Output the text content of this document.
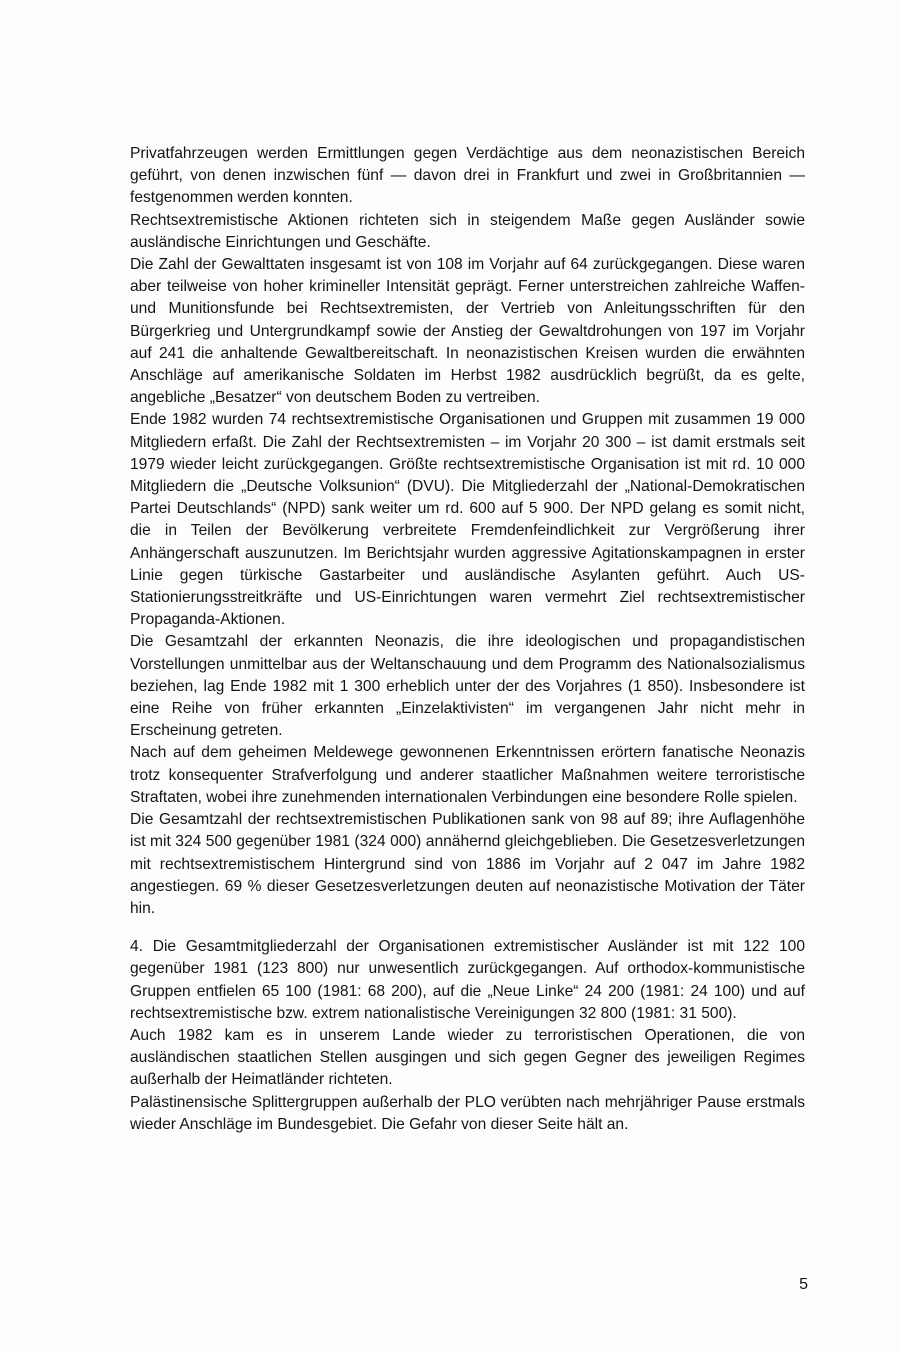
Privatfahrzeugen werden Ermittlungen gegen Verdächtige aus dem neonazistischen Bereich geführt, von denen inzwischen fünf — davon drei in Frankfurt und zwei in Großbritannien — festgenommen werden konnten.

Rechtsextremistische Aktionen richteten sich in steigendem Maße gegen Ausländer sowie ausländische Einrichtungen und Geschäfte.

Die Zahl der Gewalttaten insgesamt ist von 108 im Vorjahr auf 64 zurückgegangen. Diese waren aber teilweise von hoher krimineller Intensität geprägt. Ferner unterstreichen zahlreiche Waffen- und Munitionsfunde bei Rechtsextremisten, der Vertrieb von Anleitungsschriften für den Bürgerkrieg und Untergrundkampf sowie der Anstieg der Gewaltdrohungen von 197 im Vorjahr auf 241 die anhaltende Gewaltbereitschaft. In neonazistischen Kreisen wurden die erwähnten Anschläge auf amerikanische Soldaten im Herbst 1982 ausdrücklich begrüßt, da es gelte, angebliche „Besatzer“ von deutschem Boden zu vertreiben.

Ende 1982 wurden 74 rechtsextremistische Organisationen und Gruppen mit zusammen 19 000 Mitgliedern erfaßt. Die Zahl der Rechtsextremisten – im Vorjahr 20 300 – ist damit erstmals seit 1979 wieder leicht zurückgegangen. Größte rechtsextremistische Organisation ist mit rd. 10 000 Mitgliedern die „Deutsche Volksunion“ (DVU). Die Mitgliederzahl der „National-Demokratischen Partei Deutschlands“ (NPD) sank weiter um rd. 600 auf 5 900. Der NPD gelang es somit nicht, die in Teilen der Bevölkerung verbreitete Fremdenfeindlichkeit zur Vergrößerung ihrer Anhängerschaft auszunutzen. Im Berichtsjahr wurden aggressive Agitationskampagnen in erster Linie gegen türkische Gastarbeiter und ausländische Asylanten geführt. Auch US-Stationierungsstreitkräfte und US-Einrichtungen waren vermehrt Ziel rechtsextremistischer Propaganda-Aktionen.

Die Gesamtzahl der erkannten Neonazis, die ihre ideologischen und propagandistischen Vorstellungen unmittelbar aus der Weltanschauung und dem Programm des Nationalsozialismus beziehen, lag Ende 1982 mit 1 300 erheblich unter der des Vorjahres (1 850). Insbesondere ist eine Reihe von früher erkannten „Einzelaktivisten“ im vergangenen Jahr nicht mehr in Erscheinung getreten.

Nach auf dem geheimen Meldewege gewonnenen Erkenntnissen erörtern fanatische Neonazis trotz konsequenter Strafverfolgung und anderer staatlicher Maßnahmen weitere terroristische Straftaten, wobei ihre zunehmenden internationalen Verbindungen eine besondere Rolle spielen.

Die Gesamtzahl der rechtsextremistischen Publikationen sank von 98 auf 89; ihre Auflagenhöhe ist mit 324 500 gegenüber 1981 (324 000) annähernd gleichgeblieben. Die Gesetzesverletzungen mit rechtsextremistischem Hintergrund sind von 1886 im Vorjahr auf 2 047 im Jahre 1982 angestiegen. 69 % dieser Gesetzesverletzungen deuten auf neonazistische Motivation der Täter hin.

4. Die Gesamtmitgliederzahl der Organisationen extremistischer Ausländer ist mit 122 100 gegenüber 1981 (123 800) nur unwesentlich zurückgegangen. Auf orthodox-kommunistische Gruppen entfielen 65 100 (1981: 68 200), auf die „Neue Linke“ 24 200 (1981: 24 100) und auf rechtsextremistische bzw. extrem nationalistische Vereinigungen 32 800 (1981: 31 500).

Auch 1982 kam es in unserem Lande wieder zu terroristischen Operationen, die von ausländischen staatlichen Stellen ausgingen und sich gegen Gegner des jeweiligen Regimes außerhalb der Heimatländer richteten.

Palästinensische Splittergruppen außerhalb der PLO verübten nach mehrjähriger Pause erstmals wieder Anschläge im Bundesgebiet. Die Gefahr von dieser Seite hält an.

5
